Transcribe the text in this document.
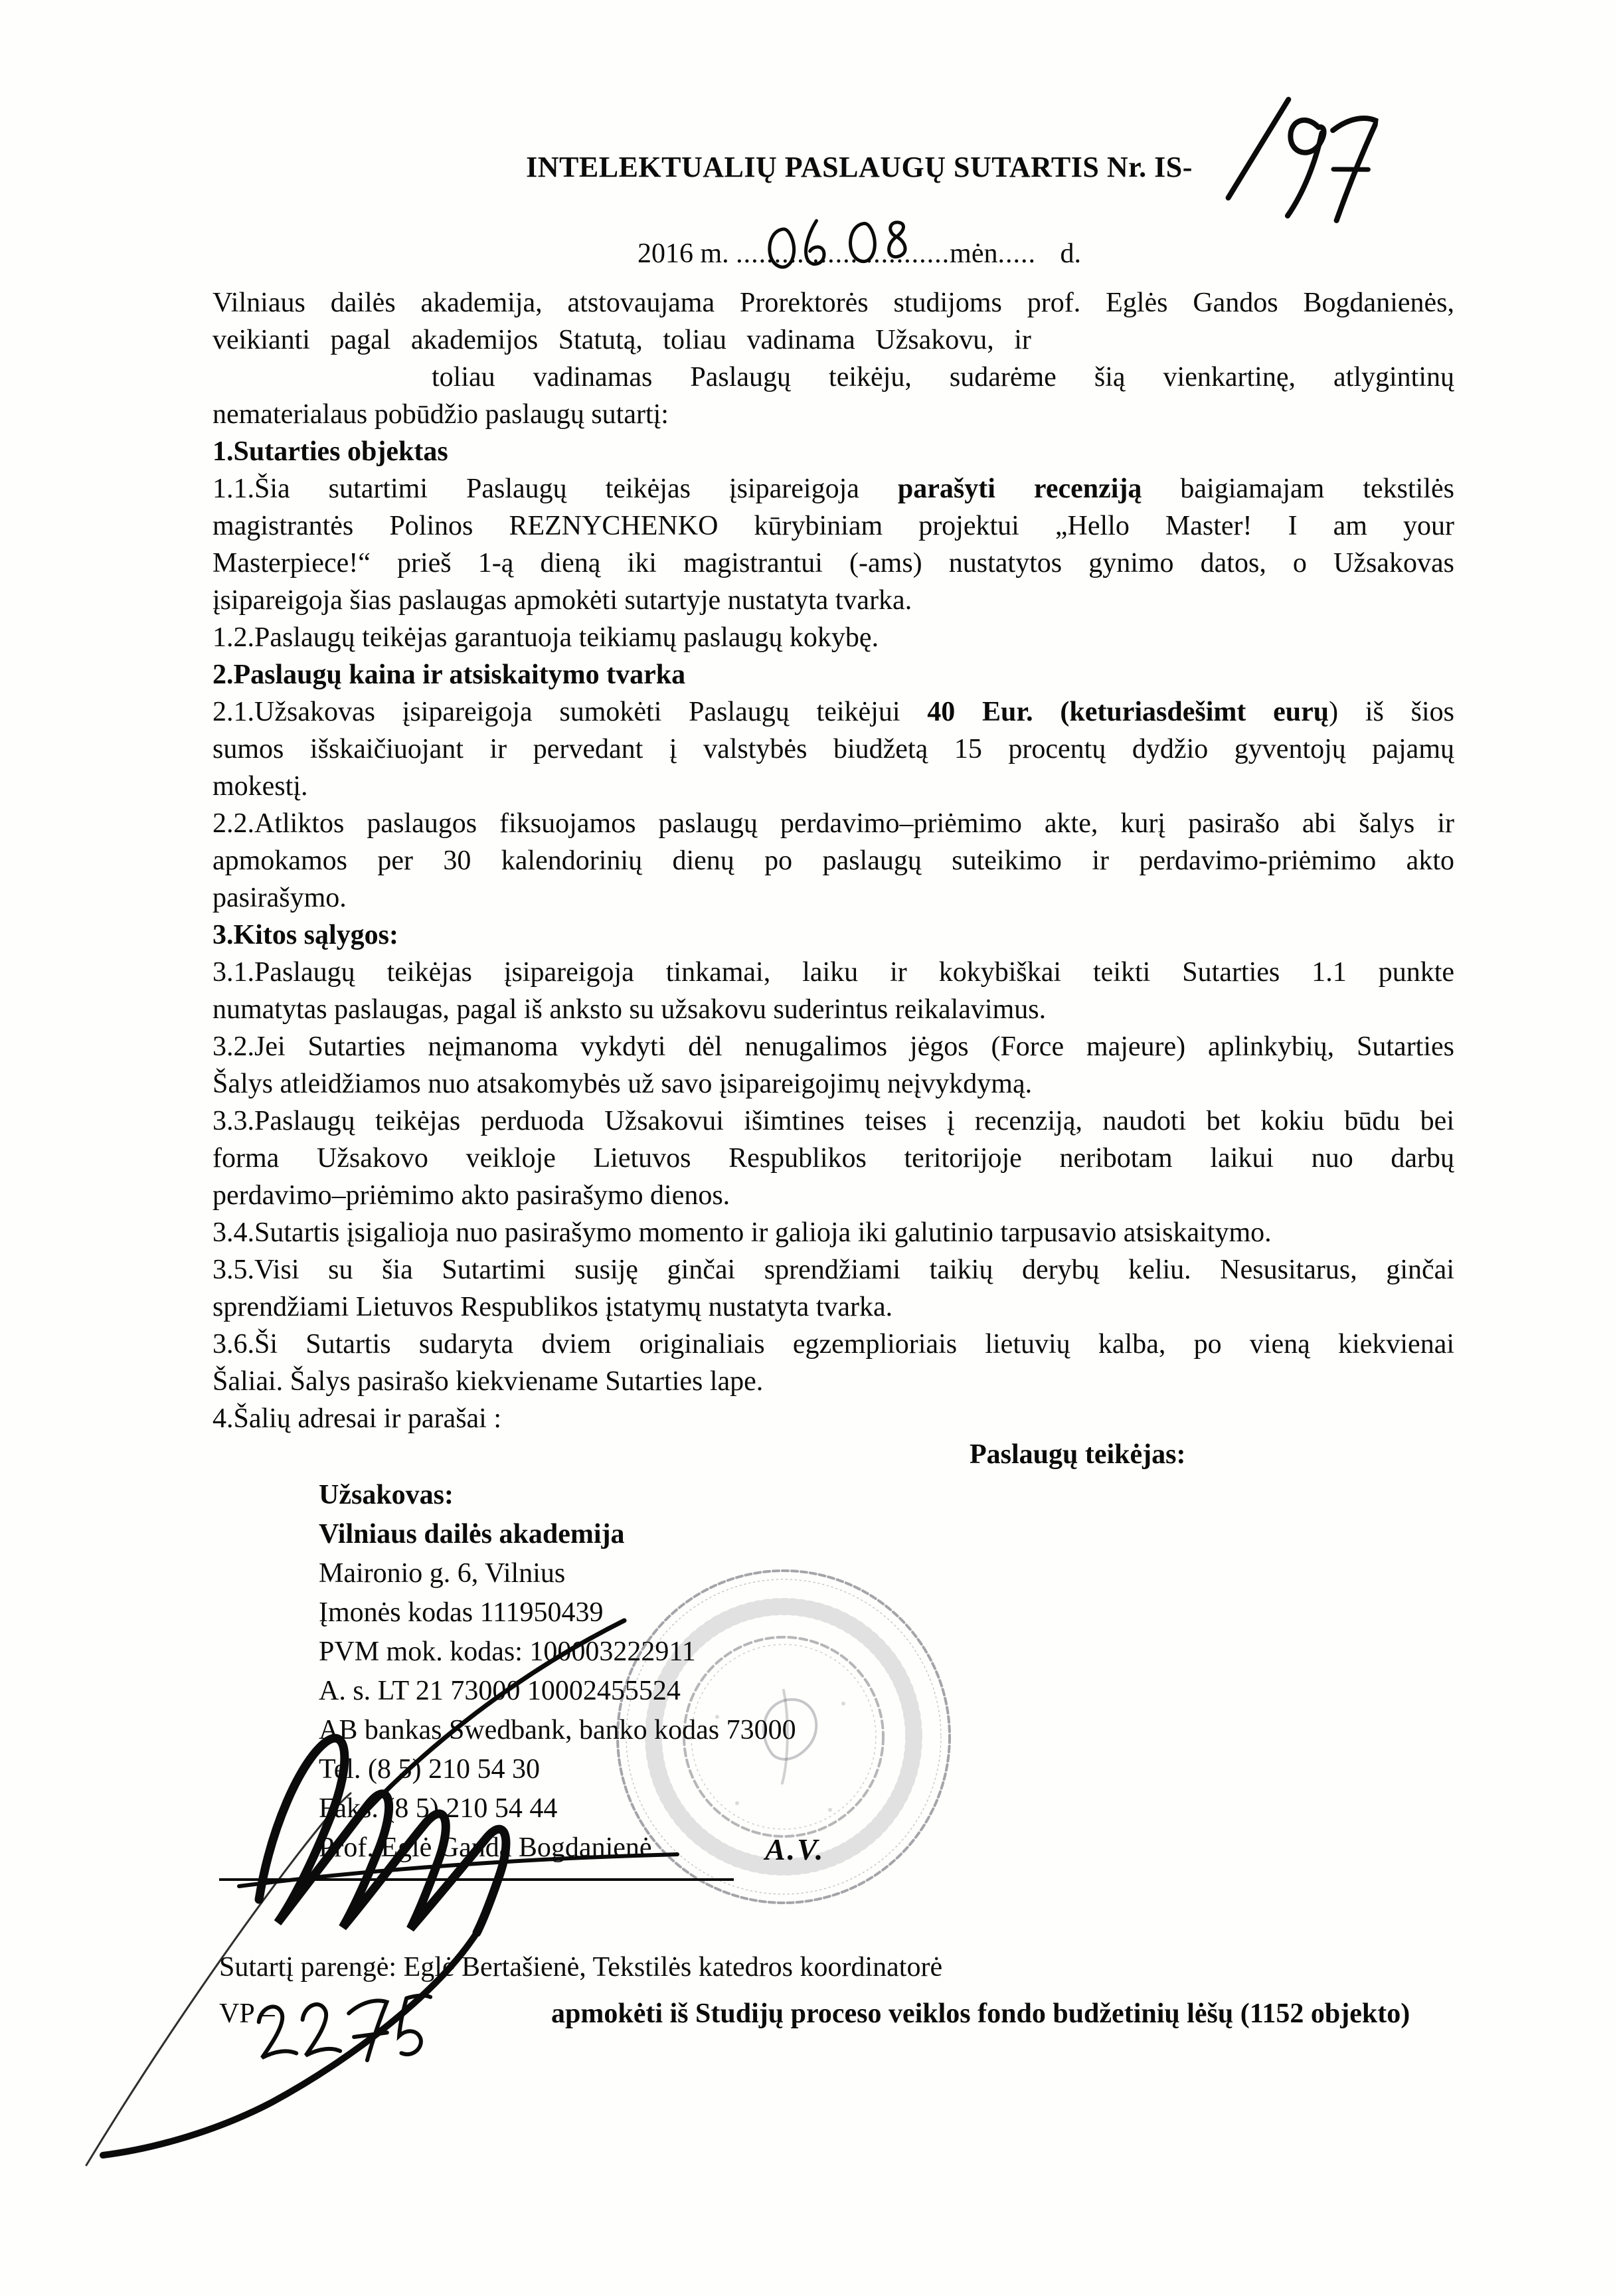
INTELEKTUALIŲ PASLAUGŲ SUTARTIS Nr. IS-
2016 m. ............................mėn..... d.
Vilniaus dailės akademija, atstovaujama Prorektorės studijoms prof. Eglės Gandos Bogdanienės,
veikianti pagal akademijos Statutą, toliau vadinama Užsakovu, ir
toliau vadinamas Paslaugų teikėju, sudarėme šią vienkartinę, atlygintinų
nematerialaus pobūdžio paslaugų sutartį:
1.Sutarties objektas
1.1.Šia sutartimi Paslaugų teikėjas įsipareigoja parašyti recenziją baigiamajam tekstilės
magistrantės Polinos REZNYCHENKO kūrybiniam projektui „Hello Master! I am your
Masterpiece!“ prieš 1-ą dieną iki magistrantui (-ams) nustatytos gynimo datos, o Užsakovas
įsipareigoja šias paslaugas apmokėti sutartyje nustatyta tvarka.
1.2.Paslaugų teikėjas garantuoja teikiamų paslaugų kokybę.
2.Paslaugų kaina ir atsiskaitymo tvarka
2.1.Užsakovas įsipareigoja sumokėti Paslaugų teikėjui 40 Eur. (keturiasdešimt eurų) iš šios
sumos išskaičiuojant ir pervedant į valstybės biudžetą 15 procentų dydžio gyventojų pajamų
mokestį.
2.2.Atliktos paslaugos fiksuojamos paslaugų perdavimo–priėmimo akte, kurį pasirašo abi šalys ir
apmokamos per 30 kalendorinių dienų po paslaugų suteikimo ir perdavimo-priėmimo akto
pasirašymo.
3.Kitos sąlygos:
3.1.Paslaugų teikėjas įsipareigoja tinkamai, laiku ir kokybiškai teikti Sutarties 1.1 punkte
numatytas paslaugas, pagal iš anksto su užsakovu suderintus reikalavimus.
3.2.Jei Sutarties neįmanoma vykdyti dėl nenugalimos jėgos (Force majeure) aplinkybių, Sutarties
Šalys atleidžiamos nuo atsakomybės už savo įsipareigojimų neįvykdymą.
3.3.Paslaugų teikėjas perduoda Užsakovui išimtines teises į recenziją, naudoti bet kokiu būdu bei
forma Užsakovo veikloje Lietuvos Respublikos teritorijoje neribotam laikui nuo darbų
perdavimo–priėmimo akto pasirašymo dienos.
3.4.Sutartis įsigalioja nuo pasirašymo momento ir galioja iki galutinio tarpusavio atsiskaitymo.
3.5.Visi su šia Sutartimi susiję ginčai sprendžiami taikių derybų keliu. Nesusitarus, ginčai
sprendžiami Lietuvos Respublikos įstatymų nustatyta tvarka.
3.6.Ši Sutartis sudaryta dviem originaliais egzemplioriais lietuvių kalba, po vieną kiekvienai
Šaliai. Šalys pasirašo kiekviename Sutarties lape.
4.Šalių adresai ir parašai :
Paslaugų teikėjas:
Užsakovas:
Vilniaus dailės akademija
Maironio g. 6, Vilnius
Įmonės kodas 111950439
PVM mok. kodas: 100003222911
A. s. LT 21 73000 10002455524
AB bankas Swedbank, banko kodas 73000
Tel. (8 5) 210 54 30
Faks. (8 5) 210 54 44
Prof. Eglė Ganda Bogdanienė	A.V.
Sutartį parengė: Eglė Bertašienė, Tekstilės katedros koordinatorė
VP –	apmokėti iš Studijų proceso veiklos fondo budžetinių lėšų (1152 objekto)
